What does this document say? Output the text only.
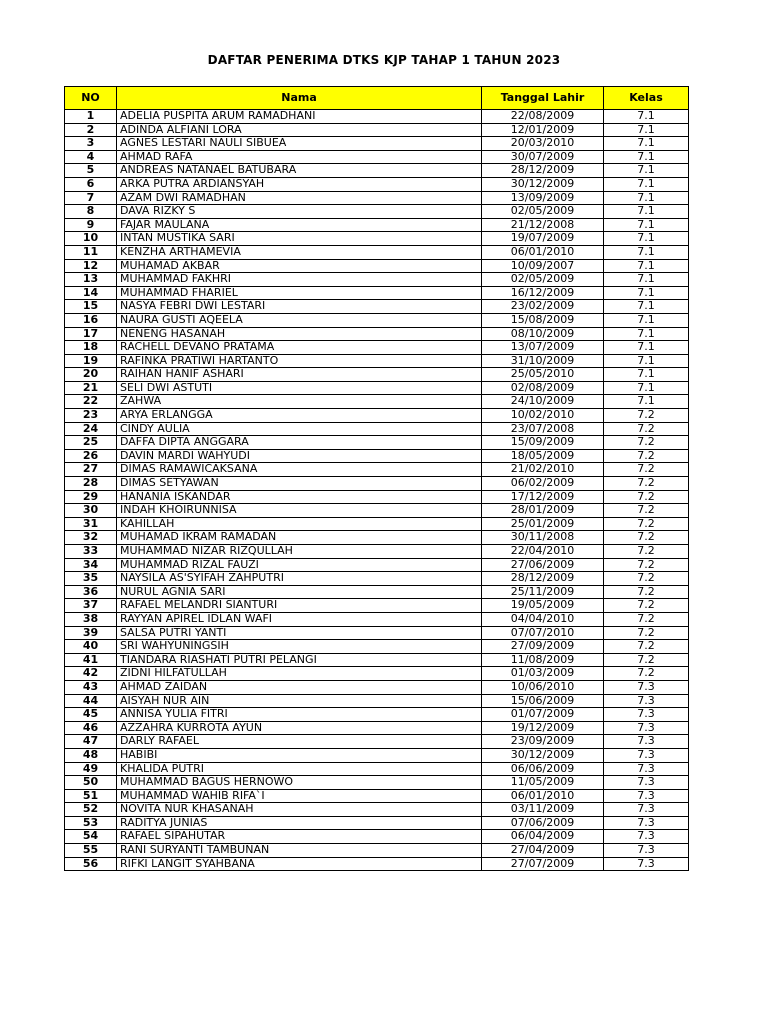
DAFTAR PENERIMA DTKS KJP TAHAP 1 TAHUN 2023
NO	Nama	Tanggal Lahir	Kelas
1	ADELIA PUSPITA ARUM RAMADHANI	22/08/2009	7.1
2	ADINDA ALFIANI LORA	12/01/2009	7.1
3	AGNES LESTARI NAULI SIBUEA	20/03/2010	7.1
4	AHMAD RAFA	30/07/2009	7.1
5	ANDREAS NATANAEL BATUBARA	28/12/2009	7.1
6	ARKA PUTRA ARDIANSYAH	30/12/2009	7.1
7	AZAM DWI RAMADHAN	13/09/2009	7.1
8	DAVA RIZKY S	02/05/2009	7.1
9	FAJAR MAULANA	21/12/2008	7.1
10	INTAN MUSTIKA SARI	19/07/2009	7.1
11	KENZHA ARTHAMEVIA	06/01/2010	7.1
12	MUHAMAD AKBAR	10/09/2007	7.1
13	MUHAMMAD FAKHRI	02/05/2009	7.1
14	MUHAMMAD FHARIEL	16/12/2009	7.1
15	NASYA FEBRI DWI LESTARI	23/02/2009	7.1
16	NAURA GUSTI AQEELA	15/08/2009	7.1
17	NENENG HASANAH	08/10/2009	7.1
18	RACHELL DEVANO PRATAMA	13/07/2009	7.1
19	RAFINKA PRATIWI HARTANTO	31/10/2009	7.1
20	RAIHAN HANIF ASHARI	25/05/2010	7.1
21	SELI DWI ASTUTI	02/08/2009	7.1
22	ZAHWA	24/10/2009	7.1
23	ARYA ERLANGGA	10/02/2010	7.2
24	CINDY AULIA	23/07/2008	7.2
25	DAFFA DIPTA ANGGARA	15/09/2009	7.2
26	DAVIN MARDI WAHYUDI	18/05/2009	7.2
27	DIMAS RAMAWICAKSANA	21/02/2010	7.2
28	DIMAS SETYAWAN	06/02/2009	7.2
29	HANANIA ISKANDAR	17/12/2009	7.2
30	INDAH KHOIRUNNISA	28/01/2009	7.2
31	KAHILLAH	25/01/2009	7.2
32	MUHAMAD IKRAM RAMADAN	30/11/2008	7.2
33	MUHAMMAD NIZAR RIZQULLAH	22/04/2010	7.2
34	MUHAMMAD RIZAL FAUZI	27/06/2009	7.2
35	NAYSILA AS'SYIFAH ZAHPUTRI	28/12/2009	7.2
36	NURUL AGNIA SARI	25/11/2009	7.2
37	RAFAEL MELANDRI SIANTURI	19/05/2009	7.2
38	RAYYAN APIREL IDLAN WAFI	04/04/2010	7.2
39	SALSA PUTRI YANTI	07/07/2010	7.2
40	SRI WAHYUNINGSIH	27/09/2009	7.2
41	TIANDARA RIASHATI PUTRI PELANGI	11/08/2009	7.2
42	ZIDNI HILFATULLAH	01/03/2009	7.2
43	AHMAD ZAIDAN	10/06/2010	7.3
44	AISYAH NUR AIN	15/06/2009	7.3
45	ANNISA YULIA FITRI	01/07/2009	7.3
46	AZZAHRA KURROTA AYUN	19/12/2009	7.3
47	DARLY RAFAEL	23/09/2009	7.3
48	HABIBI	30/12/2009	7.3
49	KHALIDA PUTRI	06/06/2009	7.3
50	MUHAMMAD BAGUS HERNOWO	11/05/2009	7.3
51	MUHAMMAD WAHIB RIFA`I	06/01/2010	7.3
52	NOVITA NUR KHASANAH	03/11/2009	7.3
53	RADITYA JUNIAS	07/06/2009	7.3
54	RAFAEL SIPAHUTAR	06/04/2009	7.3
55	RANI SURYANTI TAMBUNAN	27/04/2009	7.3
56	RIFKI LANGIT SYAHBANA	27/07/2009	7.3
